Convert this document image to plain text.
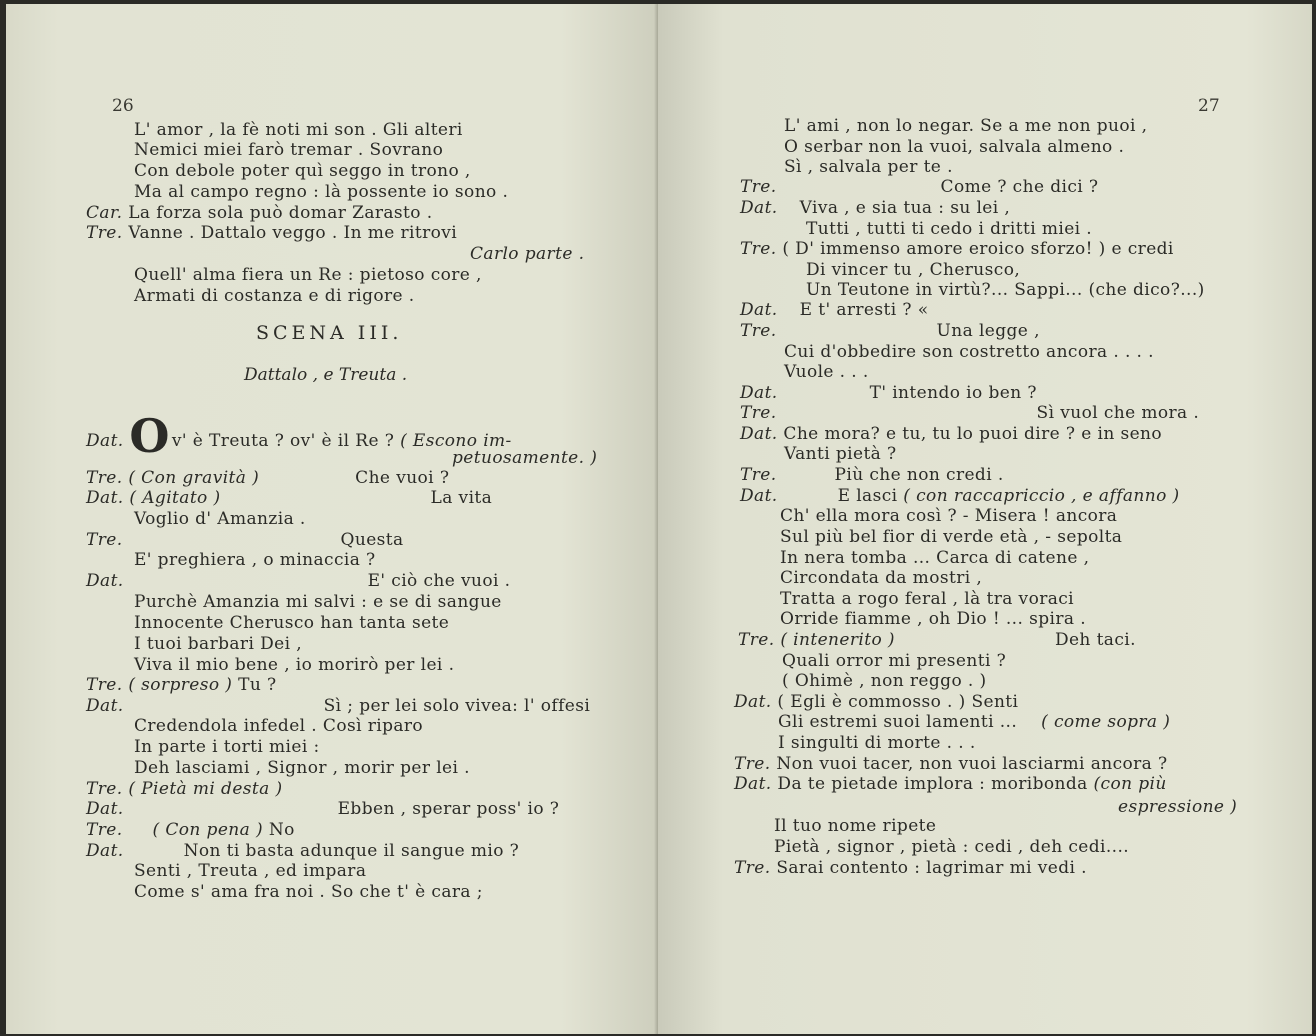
26
L' amor , la fè noti mi son . Gli alteri
Nemici miei farò tremar . Sovrano
Con debole poter quì seggo in trono ,
Ma al campo regno : là possente io sono .
Car. La forza sola può domar Zarasto .
Tre. Vanne . Dattalo veggo . In me ritrovi
Carlo parte .
Quell' alma fiera un Re : pietoso core ,
Armati di costanza e di rigore .
SCENA III.
Dattalo , e Treuta .
Dat. O v' è Treuta ? ov' è il Re ? ( Escono im-
petuosamente. )
Tre. ( Con gravità )	Che vuoi ?
Dat. ( Agitato )	La vita
Voglio d' Amanzia .
Tre.	Questa
E' preghiera , o minaccia ?
Dat.	E' ciò che vuoi .
Purchè Amanzia mi salvi : e se di sangue
Innocente Cherusco han tanta sete
I tuoi barbari Dei ,
Viva il mio bene , io morirò per lei .
Tre. ( sorpreso ) Tu ?
Dat.	Sì ; per lei solo vivea: l' offesi
Credendola infedel . Così riparo
In parte i torti miei :
Deh lasciami , Signor , morir per lei .
Tre. ( Pietà mi desta )
Dat.	Ebben , sperar poss' io ?
Tre. ( Con pena ) No
Dat.	Non ti basta adunque il sangue mio ?
Senti , Treuta , ed impara
Come s' ama fra noi . So che t' è cara ;
27
L' ami , non lo negar. Se a me non puoi ,
O serbar non la vuoi, salvala almeno .
Sì , salvala per te .
Tre.	Come ? che dici ?
Dat. Viva , e sia tua : su lei ,
Tutti , tutti ti cedo i dritti miei .
Tre. ( D' immenso amore eroico sforzo! ) e credi
Di vincer tu , Cherusco,
Un Teutone in virtù?... Sappi... (che dico?...)
Dat. E t' arresti ? «
Tre.	Una legge ,
Cui d'obbedire son costretto ancora . . . .
Vuole . . .
Dat.	T' intendo io ben ?
Tre.	Sì vuol che mora .
Dat. Che mora? e tu, tu lo puoi dire ? e in seno
Vanti pietà ?
Tre.	Più che non credi .
Dat.	E lasci ( con raccapriccio , e affanno )
Ch' ella mora così ? - Misera ! ancora
Sul più bel fior di verde età , - sepolta
In nera tomba ... Carca di catene ,
Circondata da mostri ,
Tratta a rogo feral , là tra voraci
Orride fiamme , oh Dio ! ... spira .
Tre. ( intenerito )	Deh taci.
Quali orror mi presenti ?
( Ohimè , non reggo . )
Dat. ( Egli è commosso . ) Senti
Gli estremi suoi lamenti ... ( come sopra )
I singulti di morte . . .
Tre. Non vuoi tacer, non vuoi lasciarmi ancora ?
Dat. Da te pietade implora : moribonda (con più
espressione )
Il tuo nome ripete
Pietà , signor , pietà : cedi , deh cedi....
Tre. Sarai contento : lagrimar mi vedi .
